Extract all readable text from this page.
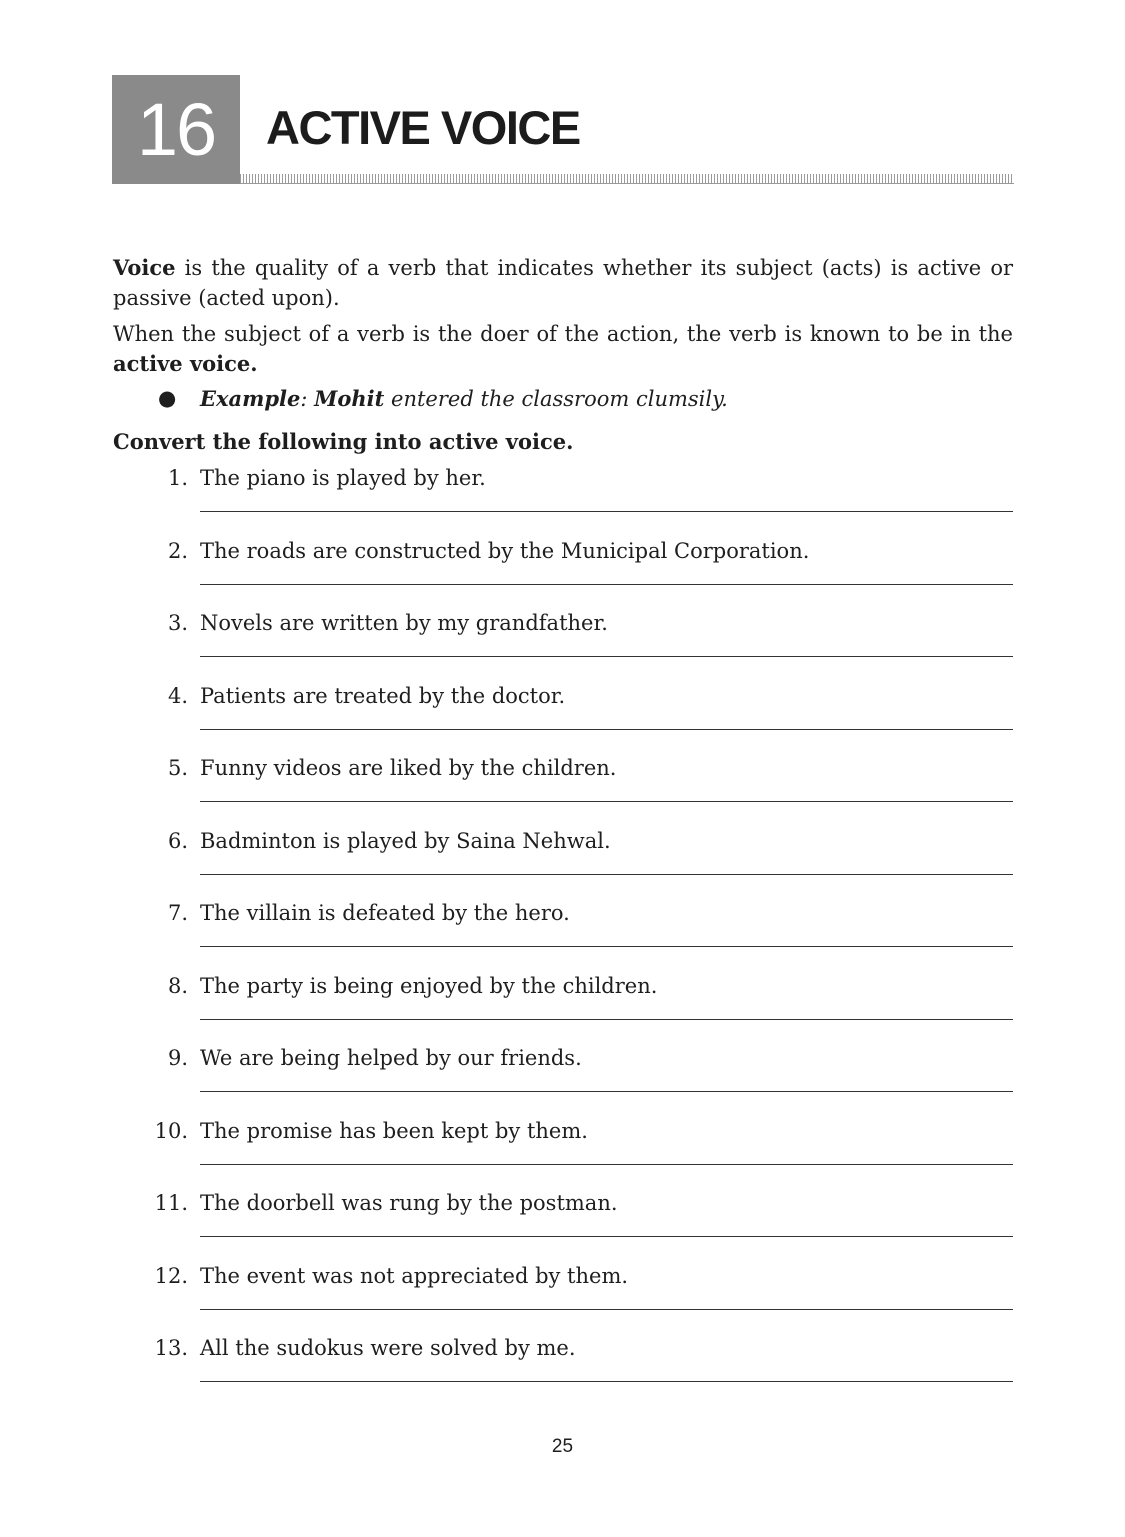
16 ACTIVE VOICE

Voice is the quality of a verb that indicates whether its subject (acts) is active or passive (acted upon).

When the subject of a verb is the doer of the action, the verb is known to be in the active voice.

● Example: Mohit entered the classroom clumsily.
Convert the following into active voice.
1. The piano is played by her.
2. The roads are constructed by the Municipal Corporation.
3. Novels are written by my grandfather.
4. Patients are treated by the doctor.
5. Funny videos are liked by the children.
6. Badminton is played by Saina Nehwal.
7. The villain is defeated by the hero.
8. The party is being enjoyed by the children.
9. We are being helped by our friends.
10. The promise has been kept by them.
11. The doorbell was rung by the postman.
12. The event was not appreciated by them.
13. All the sudokus were solved by me.
25
